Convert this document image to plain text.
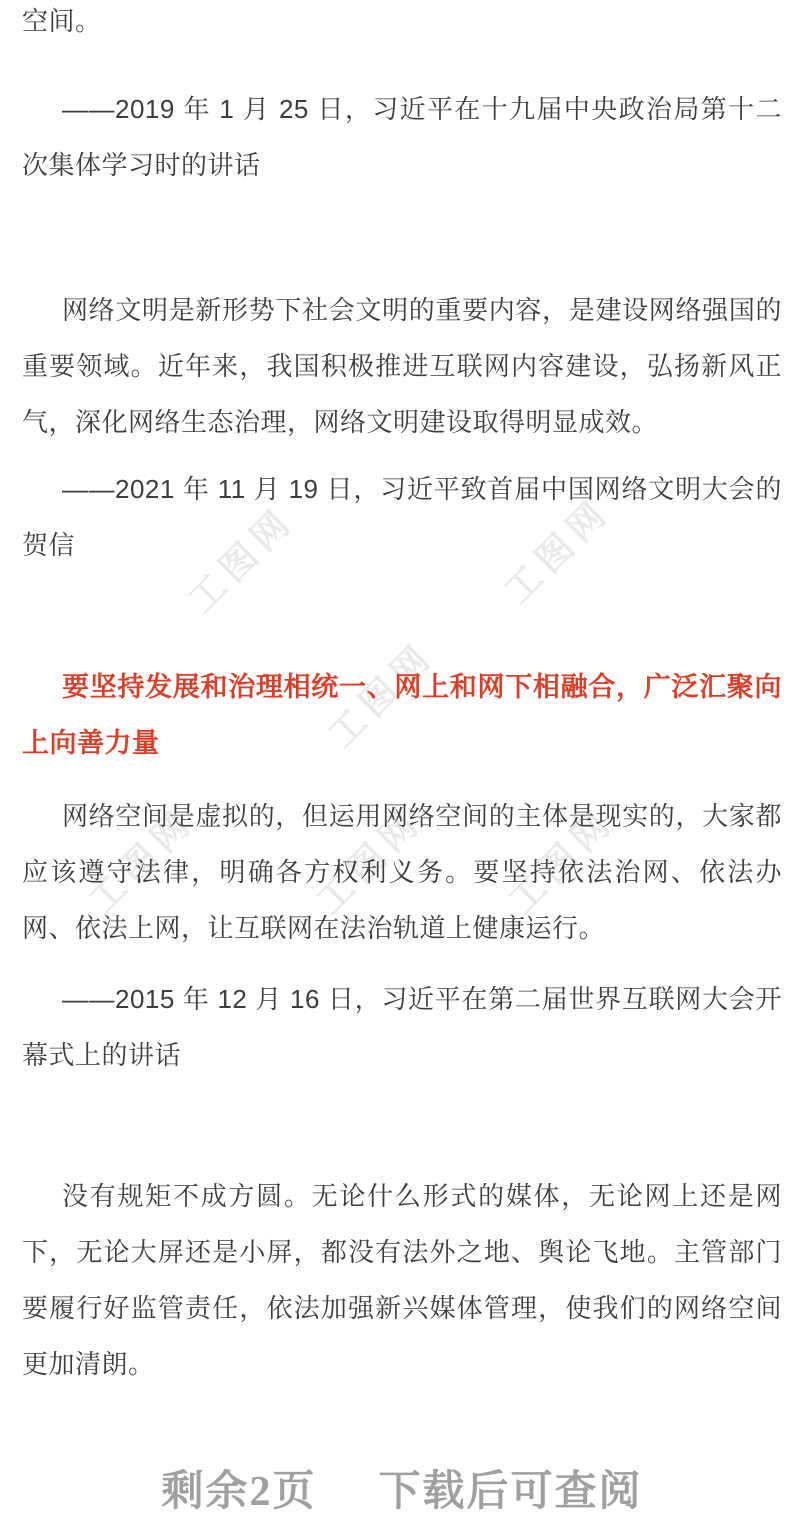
工图网	工图网
工图网
工图网	工图网 工图网

空间。

——2019 年 1 月 25 日，习近平在十九届中央政治局第十二次集体学习时的讲话

网络文明是新形势下社会文明的重要内容，是建设网络强国的重要领域。近年来，我国积极推进互联网内容建设，弘扬新风正气，深化网络生态治理，网络文明建设取得明显成效。

——2021 年 11 月 19 日，习近平致首届中国网络文明大会的贺信

要坚持发展和治理相统一、网上和网下相融合，广泛汇聚向上向善力量

网络空间是虚拟的，但运用网络空间的主体是现实的，大家都应该遵守法律，明确各方权利义务。要坚持依法治网、依法办网、依法上网，让互联网在法治轨道上健康运行。

——2015 年 12 月 16 日，习近平在第二届世界互联网大会开幕式上的讲话

没有规矩不成方圆。无论什么形式的媒体，无论网上还是网下，无论大屏还是小屏，都没有法外之地、舆论飞地。主管部门要履行好监管责任，依法加强新兴媒体管理，使我们的网络空间更加清朗。

剩余2页 下载后可查阅
